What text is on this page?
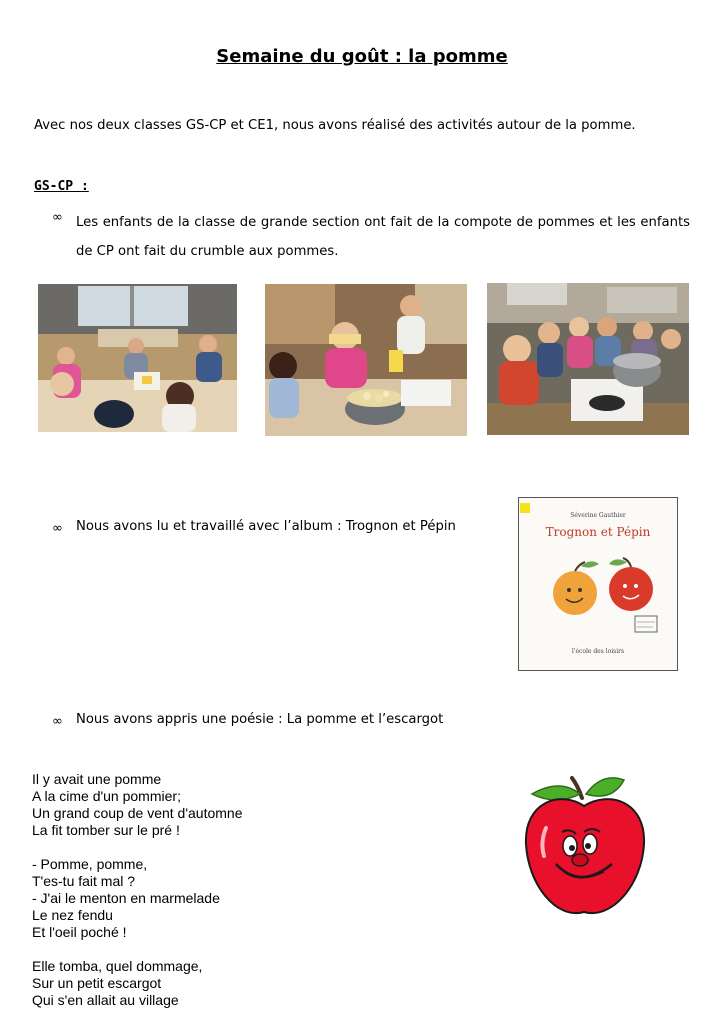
Semaine du goût : la pomme
Avec nos deux classes GS-CP et CE1, nous avons réalisé des activités autour de la pomme.
GS-CP :
∞ Les enfants de la classe de grande section ont fait de la compote de pommes et les enfants de CP ont fait du crumble aux pommes.
∞ Nous avons lu et travaillé avec l’album : Trognon et Pépin
Séverine Gauthier
Trognon et Pépin
l'école des loisirs
∞ Nous avons appris une poésie : La pomme et l’escargot
Il y avait une pomme
A la cime d'un pommier;
Un grand coup de vent d'automne
La fit tomber sur le pré !
- Pomme, pomme,
T'es-tu fait mal ?
- J'ai le menton en marmelade
Le nez fendu
Et l'oeil poché !
Elle tomba, quel dommage,
Sur un petit escargot
Qui s'en allait au village
